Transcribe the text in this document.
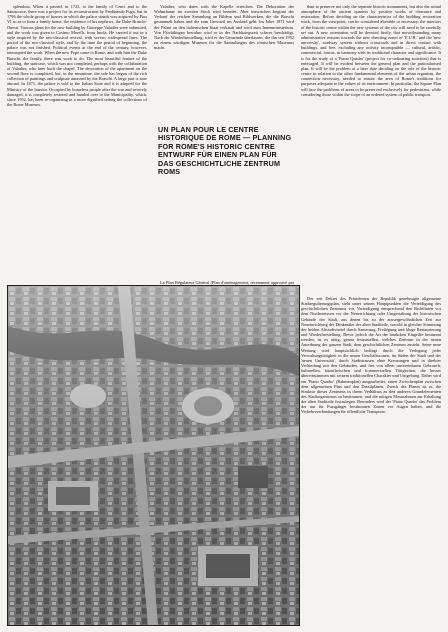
splendour. When it passed, in 1723, to the family of Cenci and to the Santacroce, there was a project for its reconstruction by Ferdinando Fuga, but in 1796 the whole group of houses in which the palace stands was acquired by Pius VI so as to form a family home, the residence of his nephews, the Duke Braschi-Onesti. Various plans for the new building by Giuseppe Valadier were submitted, and the work was given to Cosimo Morelli, from Imola. He carried it out in a style inspired by the neo-classical revival, with severe, widespread lines. The period of the neo-classical style, and by the time the period of beginning, the palace was not finished. Political events at the end of the century, however, interrupted the work. When the new Pope came to Rome, and with him the Duke Braschi, the family, there was work to do. The most beautiful feature of the building, the staircase, which was not completed, perhaps with the collaboration of Valadier, who later built the chapel. The decoration of the apartment on the second floor is completed, but, in the meantime, the sale has begun of the rich collection of paintings and sculpture amassed by the Braschi. A large part is now abroad. In 1871, the palace is sold to the Italian State and it is adapted for the Ministry of the Interior. Occupied by homeless people after the war and severely damaged, it is completely restored and handed over to the Municipality, which, since 1952, has been re-organizing in a more dignified setting the collections of the Rome Museum.

Valadier, who dates with the Kapelle erreichen. Die Dekoration der Wohnräume im zweiten Stock wird beendet. Aber inzwischen beginnt der Verkauf der reichen Sammlung an Bildern und Bildwerken, die die Braschi gesammelt haben und die zum Grossteil ins Ausland geht. Im Jahre 1871 wird der Palast an den italienischen Staat verkauft und wird zum Innenministerium. Von Flüchtlingen bewohnt wird er in der Nachkriegszeit schwer beschädigt. Nach der Wiederherstellung, wird er der Gemeinde überlassen, die ihn seit 1952 zu einem würdigen Museum für die Sammlungen des römischen Museums macht.

UN PLAN POUR LE CENTRE HISTORIQUE DE ROME — PLANNING FOR ROME'S HISTORIC CENTRE ENTWURF FÜR EINEN PLAN FÜR DAS GESCHICHTLICHE ZENTRUM ROMS

than to preserve not only the separate historic monuments, but also the actual atmosphere of the ancient quarters by positive works of clearance and restoration. Before deciding on the characteristics of the building restoration work, from the viewpoint, can be considered alterable or necessary, the interiors of the historic centre within the new systems of the city will need to be carefully set out. A new orientation will be devoted firstly, that notwithstanding many administrative reasons towards the new directing zones of 'E.U.R.' and the 'new university', roadway system without crossroads and in direct contact with buildings, and free, excluding any activity incompatible — cultural, artistic, commercial, tourist, in harmony with its traditional character and significance. It is for the study of a 'Piano Quadro' (project for co-ordinating activities) that is envisaged. It will be evident between the general plan and the particularised plan. It will be the problem at a later date deciding on the role of the historic centre in relation to the other fundamental elements of the urban organism, the connection necessary, needed to ensure the area of Rome's traditions for purposes adequate to the values of its environment. In particular, the Square Plan will face the problems of areas to be preserved exclusively for pedestrians, while considering those within the scope of an ordered system of public transport.

La Plan Régulateur Général (Plan d'aménagement, récemment approuvé par

Der seit Dekret des Präsidenten der Republik genehmigte allgemeine Stadtregulierungsplan, sieht unter seinen Hauptpunkten die Verteidigung des geschichtlichen Zentrums vor. Verteidigung entsprechend den Richtlinien vor dem Niederreissen vor der Neuerrichtung oder Umgestaltung der historischen Gebäude der Stadt, aus denen bis zu der aussergewöhnlichen Zeit zur Neueinrichtung der Denkmäler der alten Stadtteile, sowohl in gleicher Stimmung der beiden Altstadtviertel durch Sanierung, Freilegung und kluge Restaurierung und Wiederherstellung. Bevor jedoch die Art der baulichen Eingriffe bestimmt werden, ist es nötig, genau festzustellen, welches Zentrum in der neuen Anordnung der ganzen Stadt, dem geschichtlichen Zentrum zusteht. Seine neue Wertung wird hauptsächlich bedingt durch die Verlegung jeder Verwaltungstätigkeit in die neuen Geschäftszonen, im Süden der Stadt und der 'neuen Universität', durch Stadtstrassen ohne Kreuzungen und in direkter Verbindung mit den Gebäuden, und frei von allem unvereinbaren Gebrauch, kulturellen, künstlerischen und kommerziellen Tätigkeiten, die besser übereinstimmen mit seinem traditionellen Charakter und Umgebung. Daher wird ein 'Piano Quadro' (Rahmenplan) ausgearbeitet, einen Zwischenplan zwischen dem allgemeinen Plan und den Detailplänen. Zweck des Planes ist es, die Struktur dieses Zentrums in ihrem Verhältnis zu den anderen Grundelementen des Stadtorganismus zu bestimmen, und die nötigen Massnahmen zur Erhaltung der alten Stadtteile festzulegen. Besonders wird der 'Piano Quadro' das Problem der nur für Fussgänger bestimmten Zonen vor Augen halten, und die Verkehrsverbindungen für öffentliche Transporte.
